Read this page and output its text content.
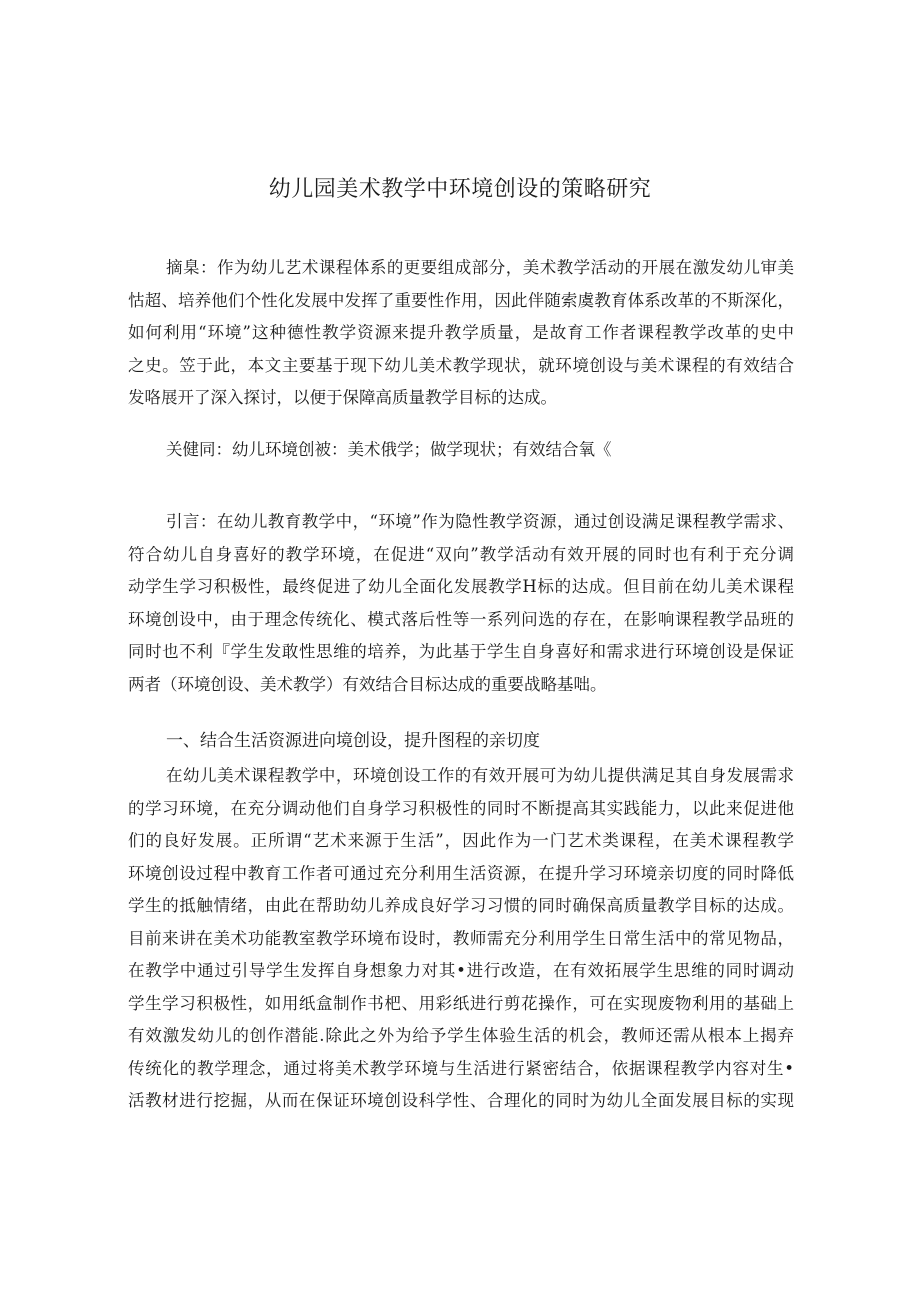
幼儿园美术教学中环境创设的策略研究
摘臬：作为幼儿艺术课程体系的更要组成部分，美术教学活动的开展在激发幼儿审美
怙超、培养他们个性化发展中发挥了重要性作用，因此伴随索虞教育体系改革的不斯深化，
如何利用“环境”这种德性教学资源来提升教学质量，是故育工作者课程教学改革的史中
之史。笠于此，本文主要基于现下幼儿美术教学现状，就环境创设与美术课程的有效结合
发咯展开了深入探讨，以便于保障高质量教学目标的达成。
关健同：幼儿环境创被：美术俄学；做学现状；有效结合氧《
引言：在幼儿教育教学中，“环境”作为隐性教学资源，通过创设满足课程教学需求、
符合幼儿自身喜好的教学环境，在促进“双向”教学活动有效开展的同时也有利于充分调
动学生学习积极性，最终促进了幼儿全面化发展教学H标的达成。但目前在幼儿美术课程
环境创设中，由于理念传统化、模式落后性等一系列问选的存在，在影响课程教学品班的
同时也不利『学生发敢性思维的培养，为此基于学生自身喜好和需求进行环境创设是保证
两者（环境创设、美术教学）有效结合目标达成的重要战略基咄。
一、结合生活资源进向境创设，提升图程的亲切度
在幼儿美术课程教学中，环境创设工作的有效开展可为幼儿提供满足其自身发展需求
的学习环境，在充分调动他们自身学习积极性的同时不断提高其实践能力，以此来促进他
们的良好发展。正所谓“艺术来源于生活”，因此作为一门艺术类课程，在美术课程教学
环境创设过程中教育工作者可通过充分利用生活资源，在提升学习环境亲切度的同时降低
学生的抵触情绪，由此在帮助幼儿养成良好学习习惯的同时确保高质量教学目标的达成。
目前来讲在美术功能教室教学环境布设时，教师需充分利用学生日常生活中的常见物品，
在教学中通过引导学生发挥自身想象力对其•进行改造，在有效拓展学生思维的同时调动
学生学习积极性，如用纸盒制作书杷、用彩纸进行剪花操作，可在实现废物利用的基础上
有效激发幼儿的创作潜能.除此之外为给予学生体验生活的机会，教师还需从根本上揭弃
传统化的教学理念，通过将美术教学环境与生活进行紧密结合，依据课程教学内容对生•
活教材进行挖掘，从而在保证环境创设科学性、合理化的同时为幼儿全面发展目标的实现
